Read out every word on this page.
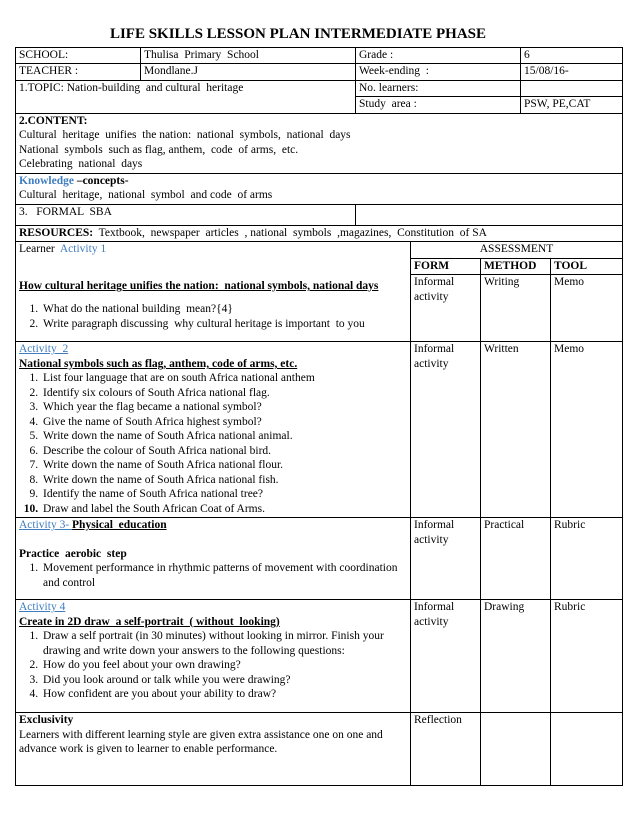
LIFE SKILLS LESSON PLAN INTERMEDIATE PHASE
SCHOOL:	Thulisa  Primary  School	Grade :			6	
TEACHER :	Mondlane.J	Week-ending  :			15/08/16-	
1.TOPIC: Nation-building  and cultural  heritage		No. learners:				
		Study  area :			PSW, PE,CAT	

2.CONTENT:
Cultural  heritage  unifies  the nation:  national  symbols,  national  days
National  symbols  such as flag, anthem,  code  of arms,  etc.
Celebrating  national  days						

Knowledge –concepts-
Cultural  heritage,  national  symbol  and code  of arms						

3.   FORMAL  SBA						
RESOURCES:  Textbook,  newspaper  articles  , national  symbols  ,magazines,  Constitution  of SA						

Learner  Activity 1
How cultural heritage unifies the nation:  national symbols, national days
1. What do the national building  mean?{4}
2. Write paragraph discussing  why cultural heritage is important  to you
	ASSESSMENT
			FORM	METHOD		TOOL
			Informal activity	Writing		Memo

Activity  2
National symbols such as flag, anthem, code of arms, etc.
1. List four language that are on south Africa national anthem
2. Identify six colours of South Africa national flag.
3. Which year the flag became a national symbol?
4. Give the name of South Africa highest symbol?
5. Write down the name of South Africa national animal.
6. Describe the colour of South Africa national bird.
7. Write down the name of South Africa national flour.
8. Write down the name of South Africa national fish.
9. Identify the name of South Africa national tree?
10. Draw and label the South African Coat of Arms.
	Informal activity	Written	Memo

Activity 3- Physical  education
Practice  aerobic  step
1. Movement performance in rhythmic patterns of movement with coordination and control
	Informal activity	Practical	Rubric

Activity 4
Create in 2D draw  a self-portrait  ( without  looking)
1. Draw a self portrait (in 30 minutes) without looking in mirror. Finish your drawing and write down your answers to the following questions:
2. How do you feel about your own drawing?
3. Did you look around or talk while you were drawing?
4. How confident are you about your ability to draw?
	Informal activity	Drawing	Rubric

Exclusivity
Learners with different learning style are given extra assistance one on one and advance work is given to learner to enable performance.			Reflection			
